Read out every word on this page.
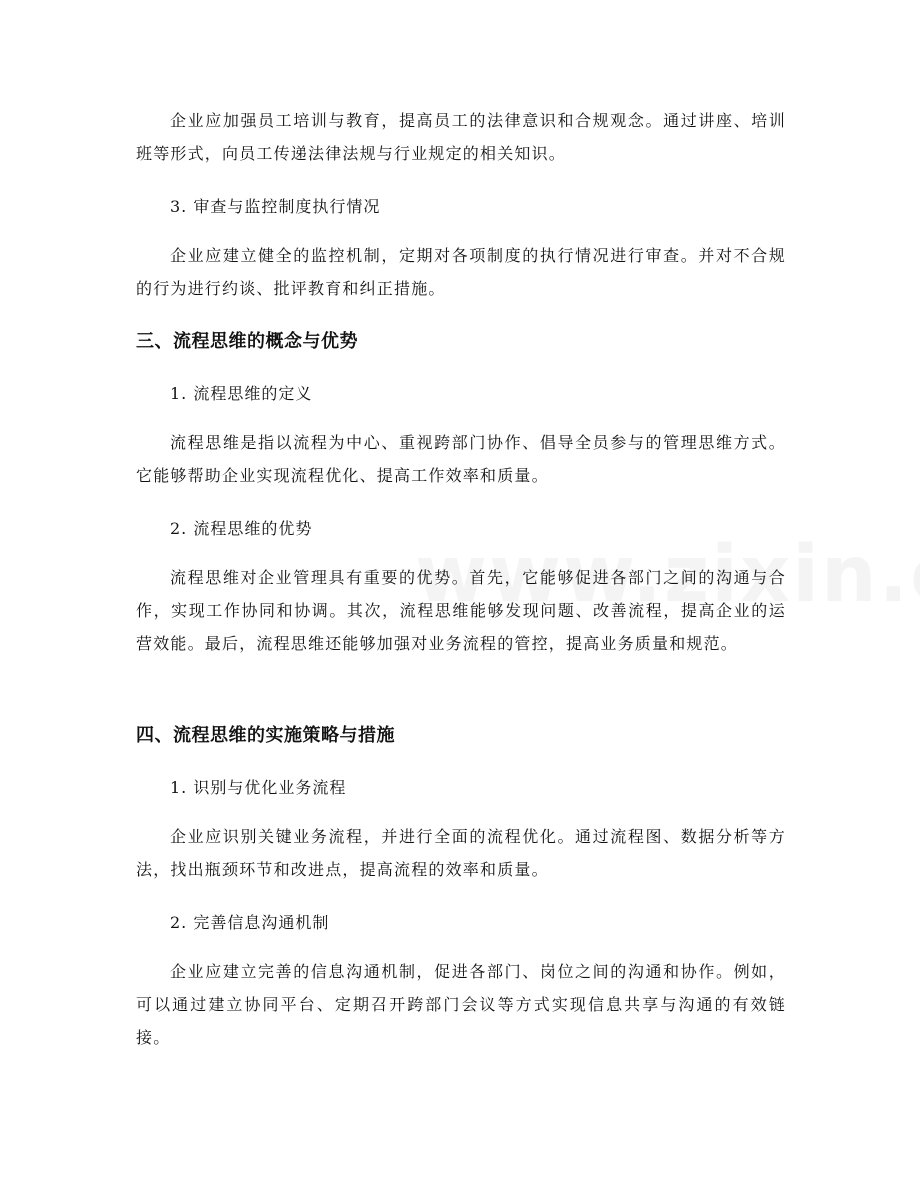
企业应加强员工培训与教育，提高员工的法律意识和合规观念。通过讲座、培训班等形式，向员工传递法律法规与行业规定的相关知识。

3. 审查与监控制度执行情况

企业应建立健全的监控机制，定期对各项制度的执行情况进行审查。并对不合规的行为进行约谈、批评教育和纠正措施。

三、流程思维的概念与优势

1. 流程思维的定义

流程思维是指以流程为中心、重视跨部门协作、倡导全员参与的管理思维方式。它能够帮助企业实现流程优化、提高工作效率和质量。

2. 流程思维的优势

流程思维对企业管理具有重要的优势。首先，它能够促进各部门之间的沟通与合作，实现工作协同和协调。其次，流程思维能够发现问题、改善流程，提高企业的运营效能。最后，流程思维还能够加强对业务流程的管控，提高业务质量和规范。

四、流程思维的实施策略与措施

1. 识别与优化业务流程

企业应识别关键业务流程，并进行全面的流程优化。通过流程图、数据分析等方法，找出瓶颈环节和改进点，提高流程的效率和质量。

2. 完善信息沟通机制

企业应建立完善的信息沟通机制，促进各部门、岗位之间的沟通和协作。例如，可以通过建立协同平台、定期召开跨部门会议等方式实现信息共享与沟通的有效链接。
